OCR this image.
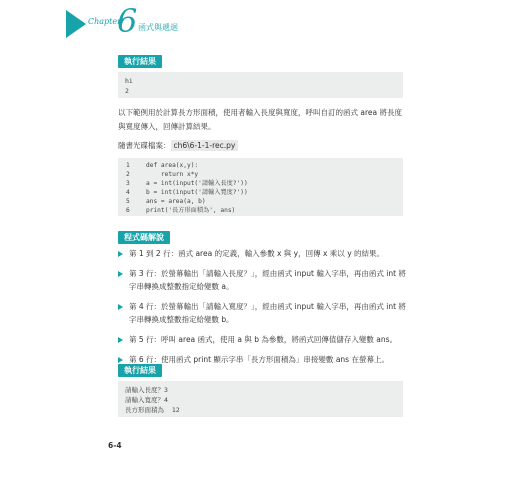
Chapter
6 函式與遞迴
執行結果
hi
2
以下範例用於計算長方形面積，使用者輸入長度與寬度，呼叫自訂的函式 area 將長度與寬度傳入，回傳計算結果。
隨書光碟檔案： ch6\6-1-1-rec.py
1	def area(x,y):
2	return x*y
3	a = int(input('請輸入長度?'))
4	b = int(input('請輸入寬度?'))
5	ans = area(a, b)
6	print('長方形面積為', ans)
程式碼解說
第 1 到 2 行：函式 area 的定義，輸入參數 x 與 y，回傳 x 乘以 y 的結果。
第 3 行：於螢幕輸出「請輸入長度？」，經由函式 input 輸入字串，再由函式 int 將字串轉換成整數指定給變數 a。
第 4 行：於螢幕輸出「請輸入寬度？」，經由函式 input 輸入字串，再由函式 int 將字串轉換成整數指定給變數 b。
第 5 行：呼叫 area 函式，使用 a 與 b 為參數，將函式回傳值儲存入變數 ans。
第 6 行：使用函式 print 顯示字串「長方形面積為」串接變數 ans 在螢幕上。
執行結果
請輸入長度？3
請輸入寬度？4
長方形面積為  12
6-4
